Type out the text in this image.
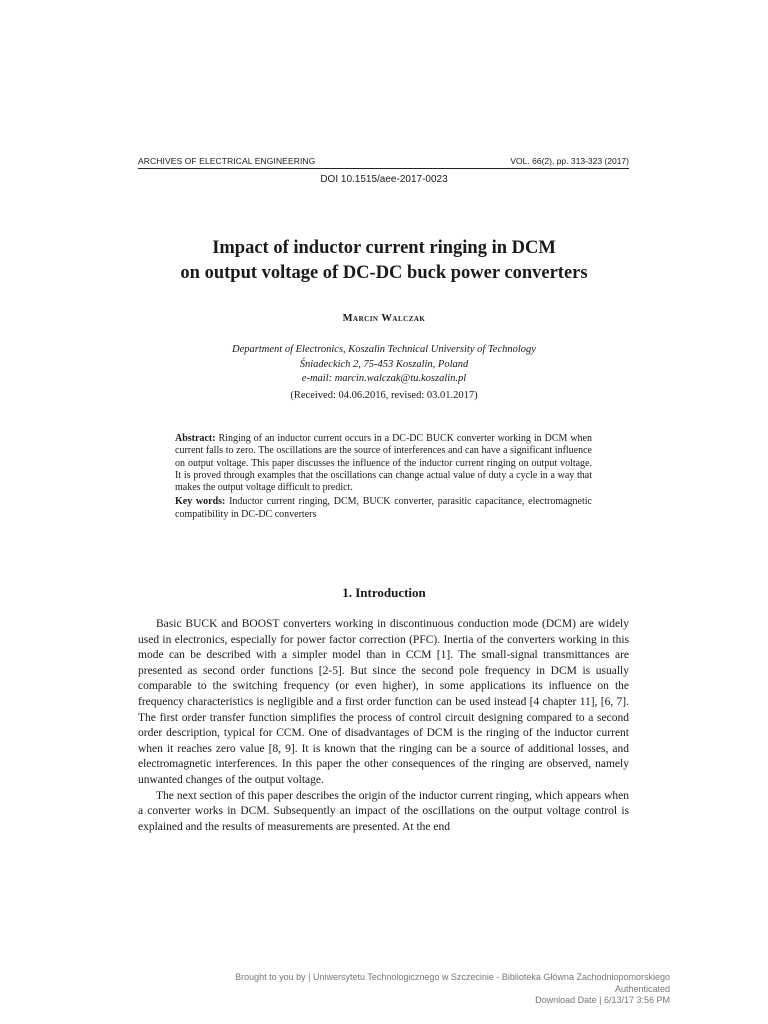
ARCHIVES OF ELECTRICAL ENGINEERING	VOL. 66(2), pp. 313-323 (2017)
DOI 10.1515/aee-2017-0023
Impact of inductor current ringing in DCM
on output voltage of DC-DC buck power converters
Marcin Walczak
Department of Electronics, Koszalin Technical University of Technology
Śniadeckich 2, 75-453 Koszalin, Poland
e-mail: marcin.walczak@tu.koszalin.pl
(Received: 04.06.2016, revised: 03.01.2017)

Abstract: Ringing of an inductor current occurs in a DC-DC BUCK converter working in DCM when current falls to zero. The oscillations are the source of interferences and can have a significant influence on output voltage. This paper discusses the influence of the inductor current ringing on output voltage. It is proved through examples that the oscillations can change actual value of duty a cycle in a way that makes the output voltage difficult to predict.

Key words: Inductor current ringing, DCM, BUCK converter, parasitic capacitance, electromagnetic compatibility in DC-DC converters

1. Introduction

Basic BUCK and BOOST converters working in discontinuous conduction mode (DCM) are widely used in electronics, especially for power factor correction (PFC). Inertia of the converters working in this mode can be described with a simpler model than in CCM [1]. The small-signal transmittances are presented as second order functions [2-5]. But since the second pole frequency in DCM is usually comparable to the switching frequency (or even higher), in some applications its influence on the frequency characteristics is negligible and a first order function can be used instead [4 chapter 11], [6, 7]. The first order transfer function simplifies the process of control circuit designing compared to a second order description, typical for CCM. One of disadvantages of DCM is the ringing of the inductor current when it reaches zero value [8, 9]. It is known that the ringing can be a source of additional losses, and electromagnetic interferences. In this paper the other consequences of the ringing are observed, namely unwanted changes of the output voltage.

The next section of this paper describes the origin of the inductor current ringing, which appears when a converter works in DCM. Subsequently an impact of the oscillations on the output voltage control is explained and the results of measurements are presented. At the end

Brought to you by | Uniwersytetu Technologicznego w Szczecinie - Biblioteka Główna Zachodniopomorskiego
Authenticated
Download Date | 6/13/17 3:56 PM
